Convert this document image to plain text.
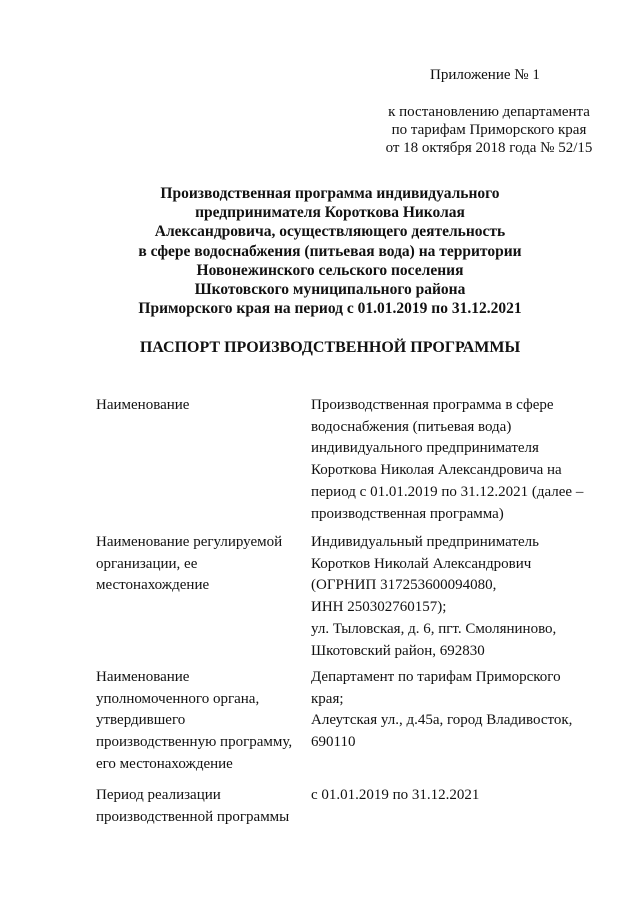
Приложение № 1
к постановлению департамента
по тарифам Приморского края
от 18 октября 2018 года № 52/15
Производственная программа индивидуального
предпринимателя Короткова Николая
Александровича, осуществляющего деятельность
в сфере водоснабжения (питьевая вода) на территории
Новонежинского сельского поселения
Шкотовского муниципального района
Приморского края на период с 01.01.2019 по 31.12.2021
ПАСПОРТ ПРОИЗВОДСТВЕННОЙ ПРОГРАММЫ
Наименование	Производственная программа в сфере
водоснабжения (питьевая вода)
индивидуального предпринимателя
Короткова Николая Александровича на
период с 01.01.2019 по 31.12.2021 (далее –
производственная программа)
Наименование регулируемой
организации, ее
местонахождение
Индивидуальный предприниматель
Коротков Николай Александрович
(ОГРНИП 317253600094080,
ИНН 250302760157);
ул. Тыловская, д. 6, пгт. Смоляниново,
Шкотовский район, 692830
Наименование
уполномоченного органа,
утвердившего
производственную программу,
его местонахождение
Департамент по тарифам Приморского
края;
Алеутская ул., д.45а, город Владивосток,
690110
Период реализации
производственной программы
с 01.01.2019 по 31.12.2021
